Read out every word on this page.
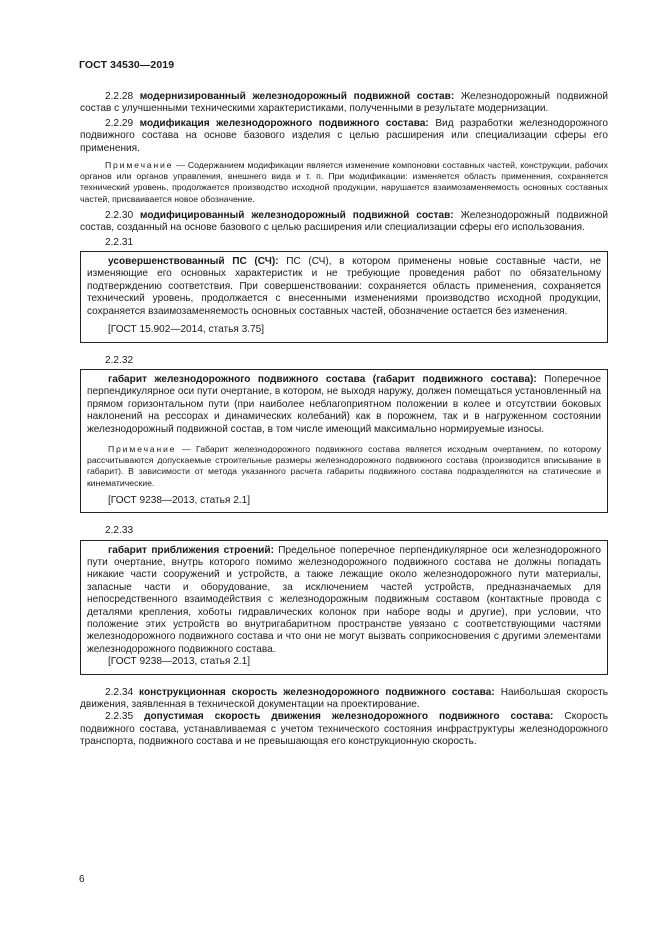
ГОСТ 34530—2019

2.2.28 модернизированный железнодорожный подвижной состав: Железнодорожный подвижной состав с улучшенными техническими характеристиками, полученными в результате модернизации.

2.2.29 модификация железнодорожного подвижного состава: Вид разработки железнодорожного подвижного состава на основе базового изделия с целью расширения или специализации сферы его применения.

Примечание — Содержанием модификации является изменение компоновки составных частей, конструкции, рабочих органов или органов управления, внешнего вида и т. п. При модификации: изменяется область применения, сохраняется технический уровень, продолжается производство исходной продукции, нарушается взаимозаменяемость основных составных частей, присваивается новое обозначение.

2.2.30 модифицированный железнодорожный подвижной состав: Железнодорожный подвижной состав, созданный на основе базового с целью расширения или специализации сферы его использования.

2.2.31

усовершенствованный ПС (СЧ): ПС (СЧ), в котором применены новые составные части, не изменяющие его основных характеристик и не требующие проведения работ по обязательному подтверждению соответствия. При совершенствовании: сохраняется область применения, сохраняется технический уровень, продолжается с внесенными изменениями производство исходной продукции, сохраняется взаимозаменяемость основных составных частей, обозначение остается без изменения.

[ГОСТ 15.902—2014, статья 3.75]
2.2.32

габарит железнодорожного подвижного состава (габарит подвижного состава): Поперечное перпендикулярное оси пути очертание, в котором, не выходя наружу, должен помещаться установленный на прямом горизонтальном пути (при наиболее неблагоприятном положении в колее и отсутствии боковых наклонений на рессорах и динамических колебаний) как в порожнем, так и в нагруженном состоянии железнодорожный подвижной состав, в том числе имеющий максимально нормируемые износы.

Примечание — Габарит железнодорожного подвижного состава является исходным очертанием, по которому рассчитываются допускаемые строительные размеры железнодорожного подвижного состава (производится вписывание в габарит). В зависимости от метода указанного расчета габариты подвижного состава подразделяются на статические и кинематические.

[ГОСТ 9238—2013, статья 2.1]
2.2.33

габарит приближения строений: Предельное поперечное перпендикулярное оси железнодорожного пути очертание, внутрь которого помимо железнодорожного подвижного состава не должны попадать никакие части сооружений и устройств, а также лежащие около железнодорожного пути материалы, запасные части и оборудование, за исключением частей устройств, предназначаемых для непосредственного взаимодействия с железнодорожным подвижным составом (контактные провода с деталями крепления, хоботы гидравлических колонок при наборе воды и другие), при условии, что положение этих устройств во внутригабаритном пространстве увязано с соответствующими частями железнодорожного подвижного состава и что они не могут вызвать соприкосновения с другими элементами железнодорожного подвижного состава.

[ГОСТ 9238—2013, статья 2.1]

2.2.34 конструкционная скорость железнодорожного подвижного состава: Наибольшая скорость движения, заявленная в технической документации на проектирование.

2.2.35 допустимая скорость движения железнодорожного подвижного состава: Скорость подвижного состава, устанавливаемая с учетом технического состояния инфраструктуры железнодорожного транспорта, подвижного состава и не превышающая его конструкционную скорость.

6
